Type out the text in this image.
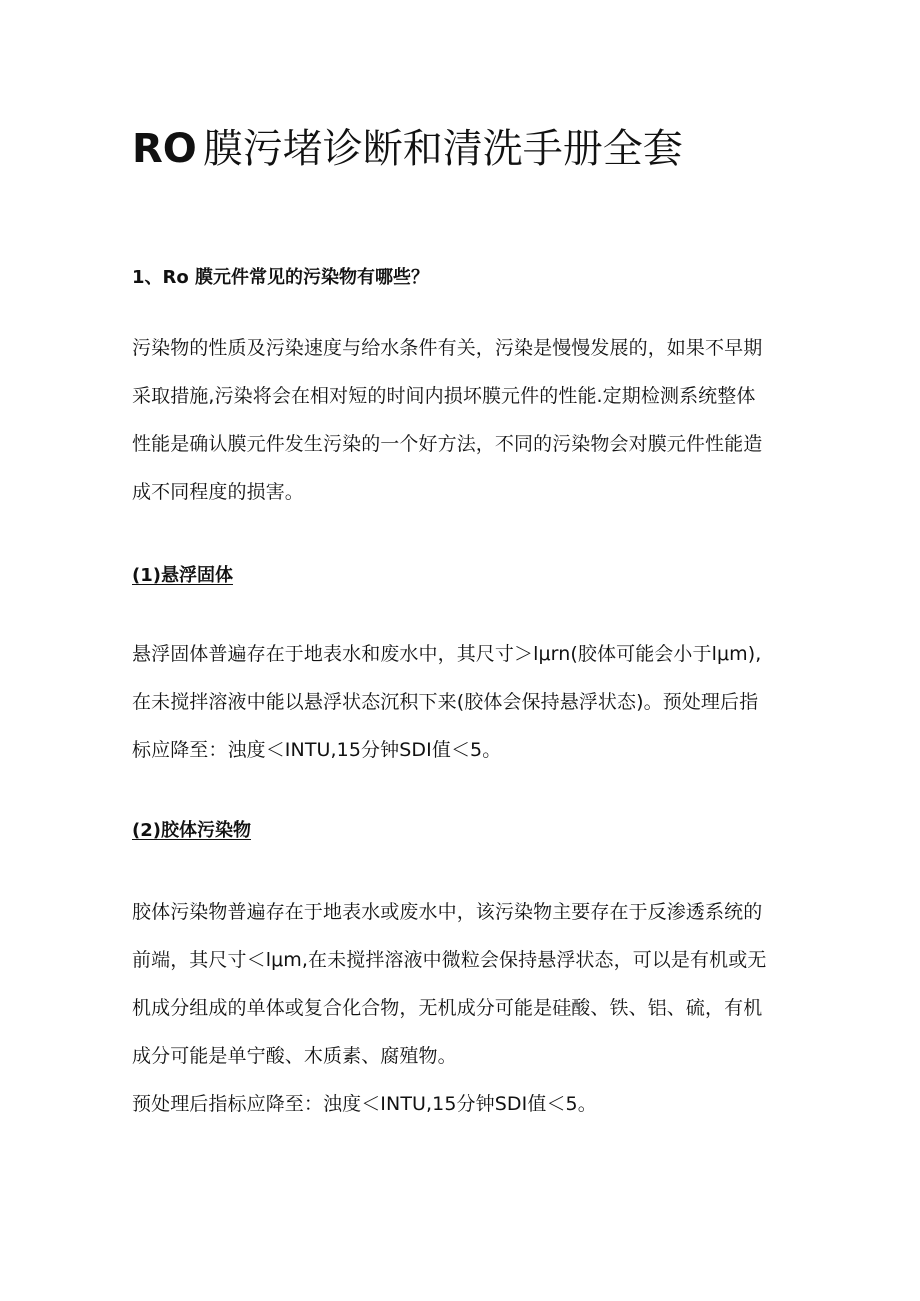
RO 膜污堵诊断和清洗手册全套
1、Ro 膜元件常见的污染物有哪些？
污染物的性质及污染速度与给水条件有关，污染是慢慢发展的，如果不早期
采取措施,污染将会在相对短的时间内损坏膜元件的性能.定期检测系统整体
性能是确认膜元件发生污染的一个好方法，不同的污染物会对膜元件性能造
成不同程度的损害。
(1)悬浮固体
悬浮固体普遍存在于地表水和废水中，其尺寸＞lμrn(胶体可能会小于lμm),
在未搅拌溶液中能以悬浮状态沉积下来(胶体会保持悬浮状态)。预处理后指
标应降至：浊度＜INTU,15分钟SDI值＜5。
(2)胶体污染物
胶体污染物普遍存在于地表水或废水中，该污染物主要存在于反渗透系统的
前端，其尺寸＜lμm,在未搅拌溶液中微粒会保持悬浮状态，可以是有机或无
机成分组成的单体或复合化合物，无机成分可能是硅酸、铁、铝、硫，有机
成分可能是单宁酸、木质素、腐殖物。
预处理后指标应降至：浊度＜INTU,15分钟SDI值＜5。
